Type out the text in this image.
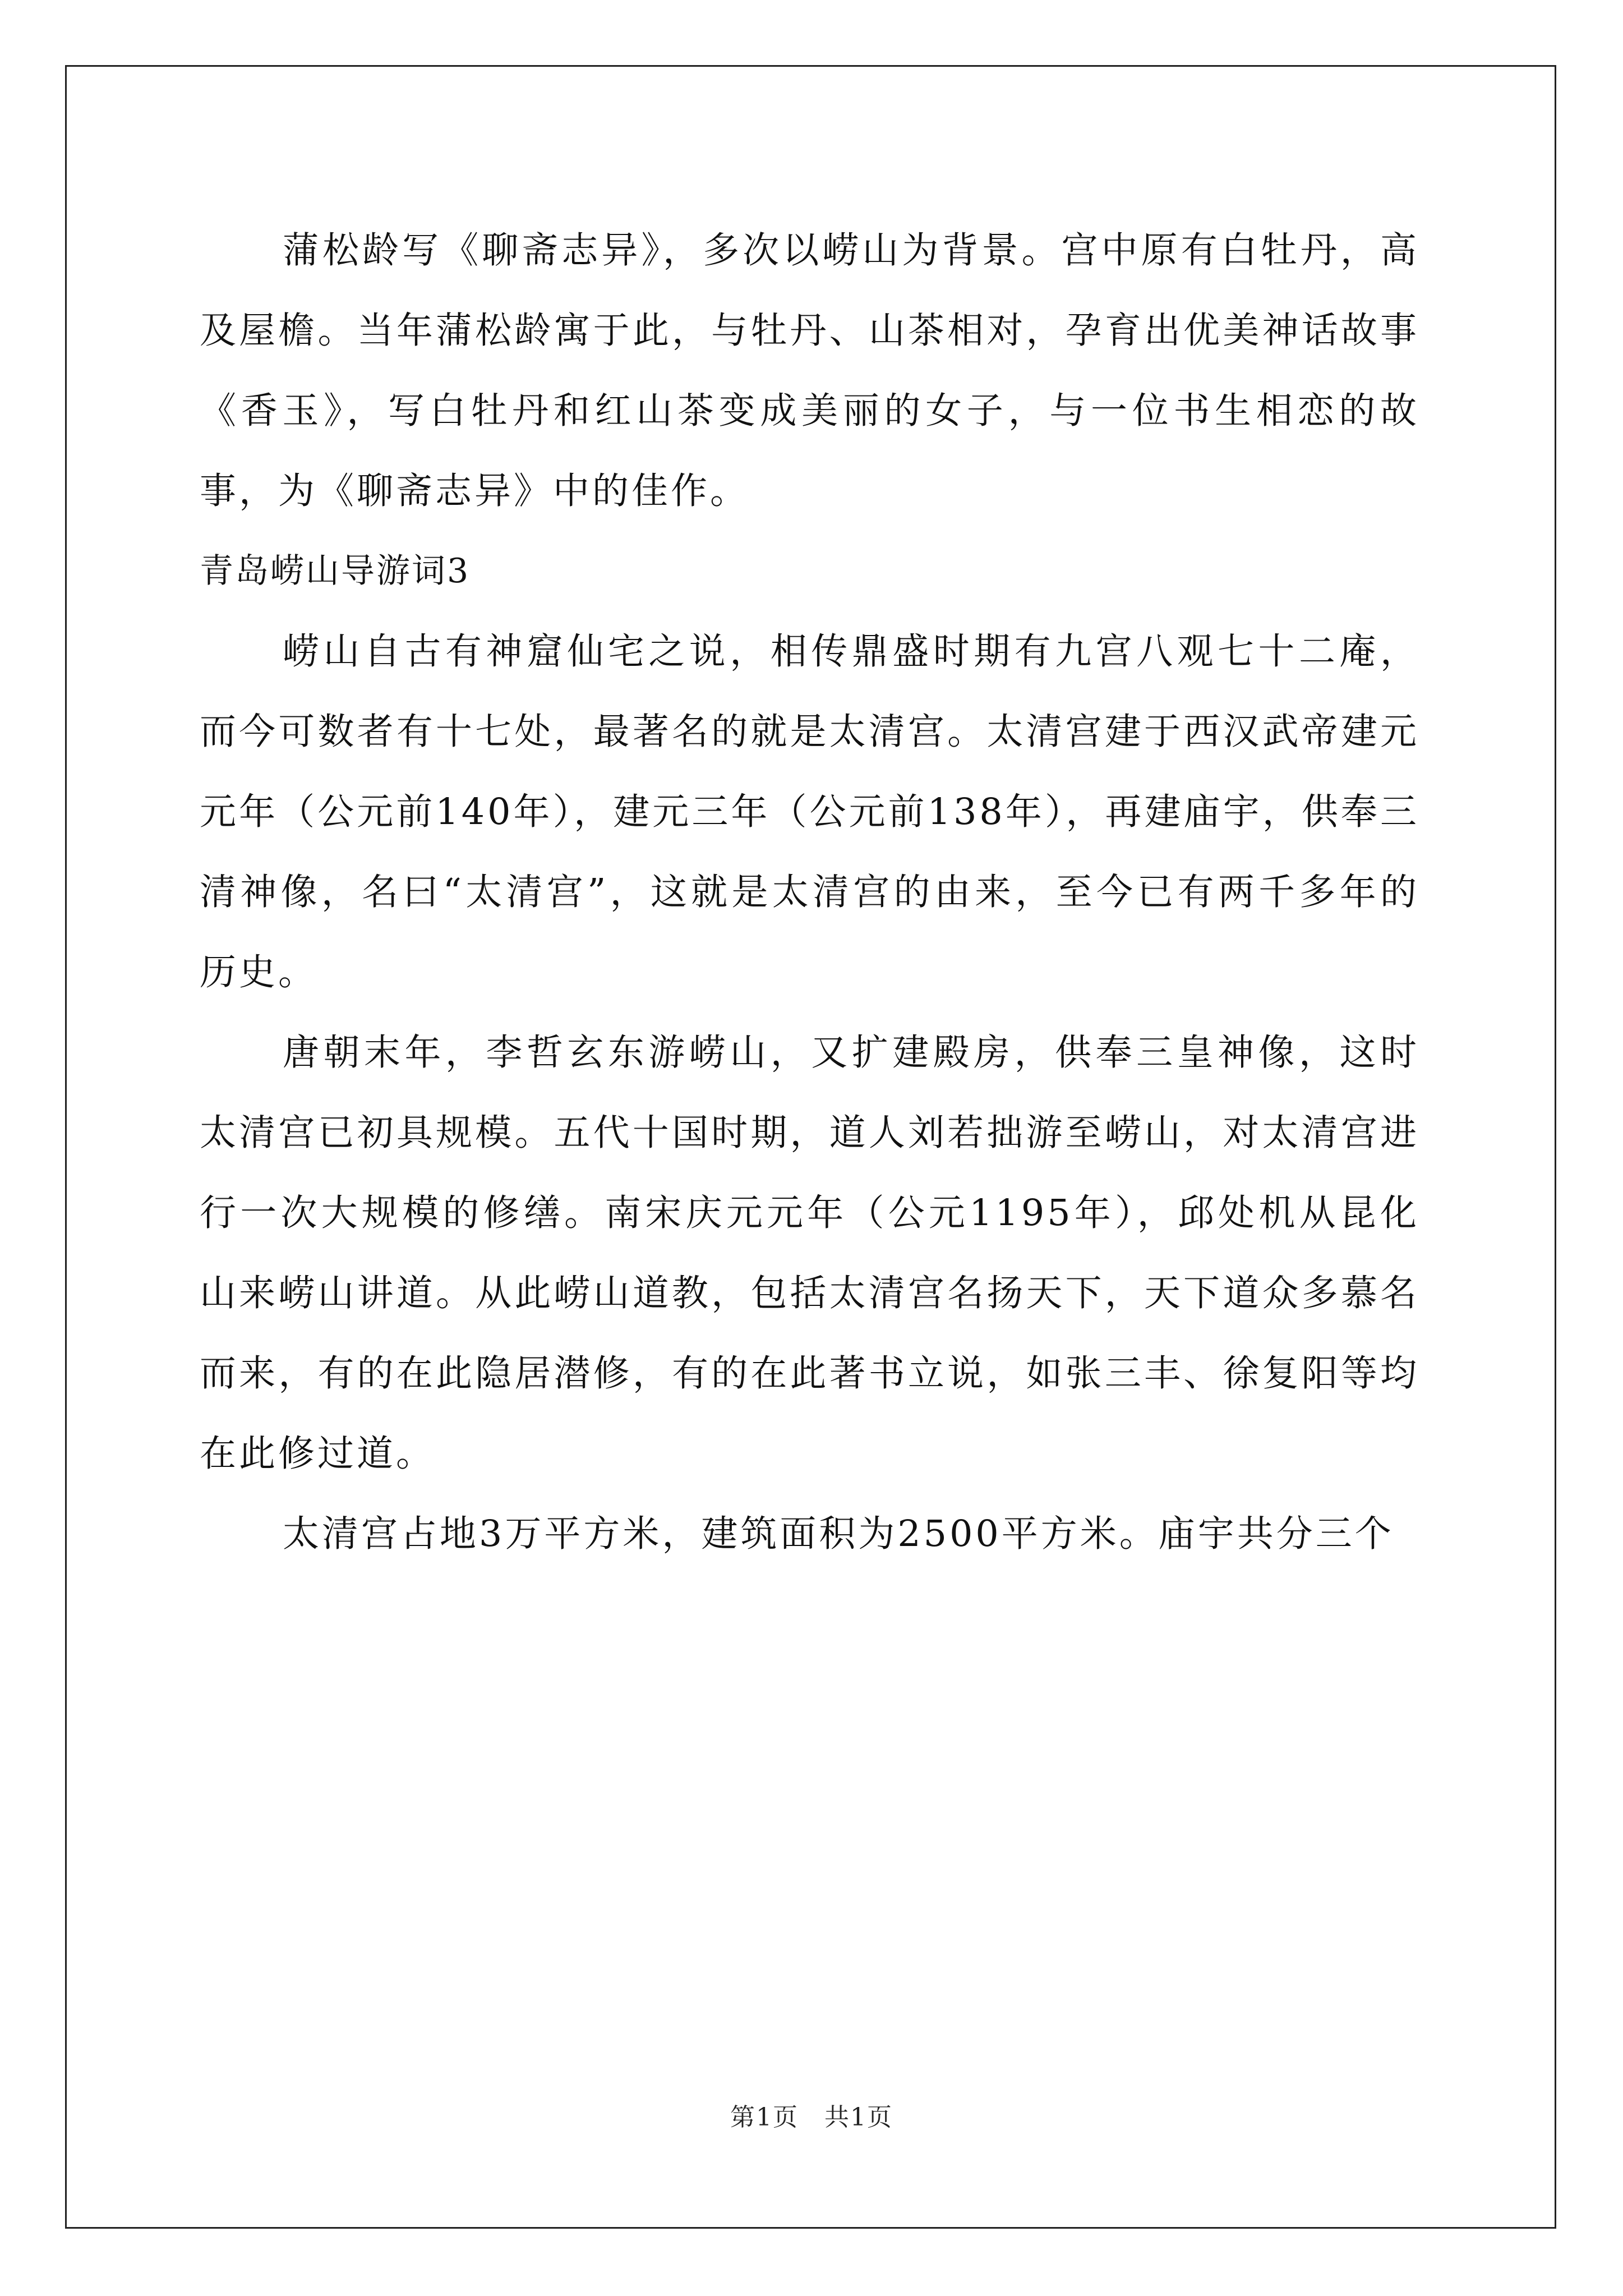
蒲松龄写《聊斋志异》，多次以崂山为背景。宫中原有白牡丹，高及屋檐。当年蒲松龄寓于此，与牡丹、山茶相对，孕育出优美神话故事《香玉》，写白牡丹和红山茶变成美丽的女子，与一位书生相恋的故事，为《聊斋志异》中的佳作。

青岛崂山导游词3

崂山自古有神窟仙宅之说，相传鼎盛时期有九宫八观七十二庵，而今可数者有十七处，最著名的就是太清宫。太清宫建于西汉武帝建元元年（公元前140年），建元三年（公元前138年），再建庙宇，供奉三清神像，名曰“太清宫”，这就是太清宫的由来，至今已有两千多年的历史。

唐朝末年，李哲玄东游崂山，又扩建殿房，供奉三皇神像，这时太清宫已初具规模。五代十国时期，道人刘若拙游至崂山，对太清宫进行一次大规模的修缮。南宋庆元元年（公元1195年），邱处机从昆化山来崂山讲道。从此崂山道教，包括太清宫名扬天下，天下道众多慕名而来，有的在此隐居潜修，有的在此著书立说，如张三丰、徐复阳等均在此修过道。

太清宫占地3万平方米，建筑面积为2500平方米。庙宇共分三个

第1页　共1页
